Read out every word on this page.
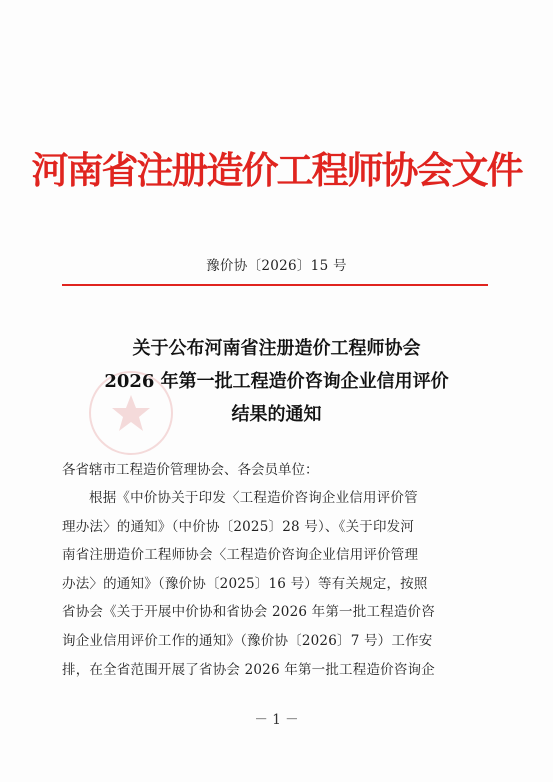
河南省注册造价工程师协会文件
豫价协〔2026〕15 号
关于公布河南省注册造价工程师协会
2026 年第一批工程造价咨询企业信用评价
结果的通知
各省辖市工程造价管理协会、各会员单位：
根据《中价协关于印发〈工程造价咨询企业信用评价管
理办法〉的通知》（中价协〔2025〕28 号）、《关于印发河
南省注册造价工程师协会〈工程造价咨询企业信用评价管理
办法〉的通知》（豫价协〔2025〕16 号）等有关规定，按照
省协会《关于开展中价协和省协会 2026 年第一批工程造价咨
询企业信用评价工作的通知》（豫价协〔2026〕7 号）工作安
排，在全省范围开展了省协会 2026 年第一批工程造价咨询企
－ 1 －
